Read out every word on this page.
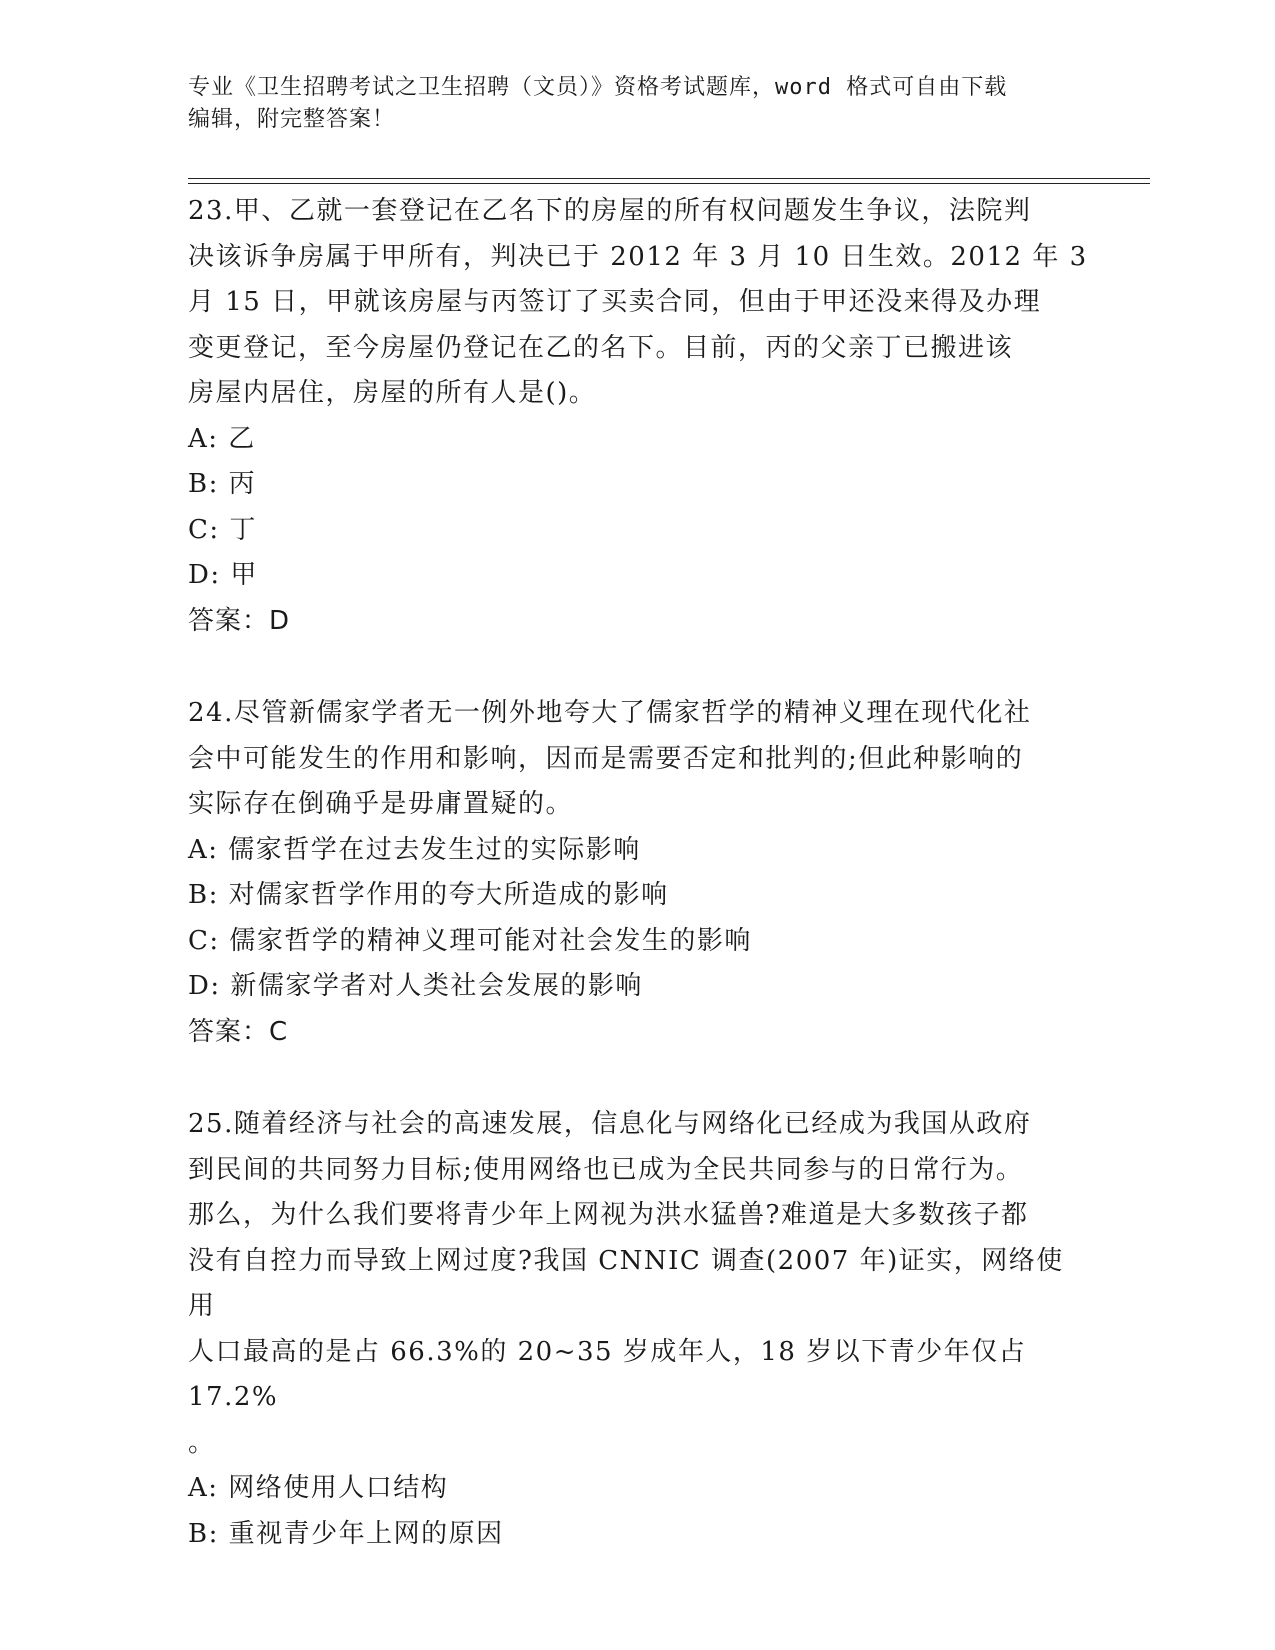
专业《卫生招聘考试之卫生招聘（文员）》资格考试题库，word 格式可自由下载
编辑，附完整答案！

23.甲、乙就一套登记在乙名下的房屋的所有权问题发生争议，法院判

决该诉争房属于甲所有，判决已于 2012 年 3 月 10 日生效。2012 年 3

月 15 日，甲就该房屋与丙签订了买卖合同，但由于甲还没来得及办理

变更登记，至今房屋仍登记在乙的名下。目前，丙的父亲丁已搬进该

房屋内居住，房屋的所有人是()。

A: 乙

B: 丙

C: 丁

D: 甲

答案：D

24.尽管新儒家学者无一例外地夸大了儒家哲学的精神义理在现代化社

会中可能发生的作用和影响，因而是需要否定和批判的;但此种影响的

实际存在倒确乎是毋庸置疑的。

A: 儒家哲学在过去发生过的实际影响

B: 对儒家哲学作用的夸大所造成的影响

C: 儒家哲学的精神义理可能对社会发生的影响

D: 新儒家学者对人类社会发展的影响

答案：C

25.随着经济与社会的高速发展，信息化与网络化已经成为我国从政府

到民间的共同努力目标;使用网络也已成为全民共同参与的日常行为。

那么，为什么我们要将青少年上网视为洪水猛兽?难道是大多数孩子都

没有自控力而导致上网过度?我国 CNNIC 调查(2007 年)证实，网络使用

人口最高的是占 66.3%的 20~35 岁成年人，18 岁以下青少年仅占 17.2%

。

A: 网络使用人口结构

B: 重视青少年上网的原因
